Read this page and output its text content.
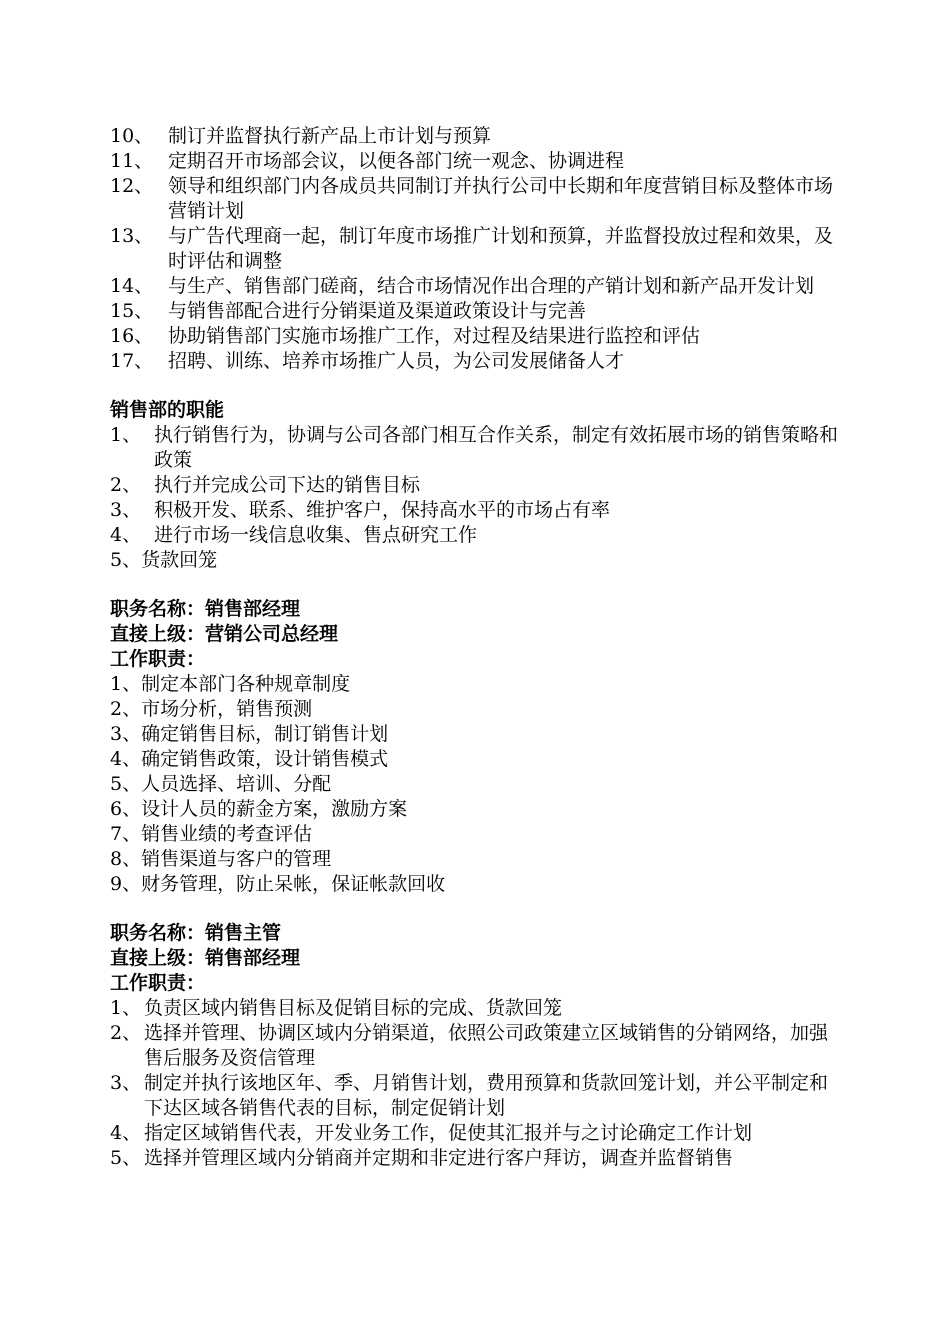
10、 制订并监督执行新产品上市计划与预算
11、 定期召开市场部会议，以便各部门统一观念、协调进程
12、 领导和组织部门内各成员共同制订并执行公司中长期和年度营销目标及整体市场营销计划
13、 与广告代理商一起，制订年度市场推广计划和预算，并监督投放过程和效果，及时评估和调整
14、 与生产、销售部门磋商，结合市场情况作出合理的产销计划和新产品开发计划
15、 与销售部配合进行分销渠道及渠道政策设计与完善
16、 协助销售部门实施市场推广工作，对过程及结果进行监控和评估
17、 招聘、训练、培养市场推广人员，为公司发展储备人才
销售部的职能
1、 执行销售行为，协调与公司各部门相互合作关系，制定有效拓展市场的销售策略和政策
2、 执行并完成公司下达的销售目标
3、 积极开发、联系、维护客户，保持高水平的市场占有率
4、 进行市场一线信息收集、售点研究工作
5、 货款回笼
职务名称：销售部经理
直接上级：营销公司总经理
工作职责：
1、 制定本部门各种规章制度
2、 市场分析，销售预测
3、 确定销售目标，制订销售计划
4、 确定销售政策，设计销售模式
5、 人员选择、培训、分配
6、 设计人员的薪金方案，激励方案
7、 销售业绩的考查评估
8、 销售渠道与客户的管理
9、 财务管理，防止呆帐，保证帐款回收
职务名称：销售主管
直接上级：销售部经理
工作职责：
1、 负责区域内销售目标及促销目标的完成、货款回笼
2、 选择并管理、协调区域内分销渠道，依照公司政策建立区域销售的分销网络，加强售后服务及资信管理
3、 制定并执行该地区年、季、月销售计划，费用预算和货款回笼计划，并公平制定和下达区域各销售代表的目标，制定促销计划
4、 指定区域销售代表，开发业务工作，促使其汇报并与之讨论确定工作计划
5、 选择并管理区域内分销商并定期和非定进行客户拜访，调查并监督销售
